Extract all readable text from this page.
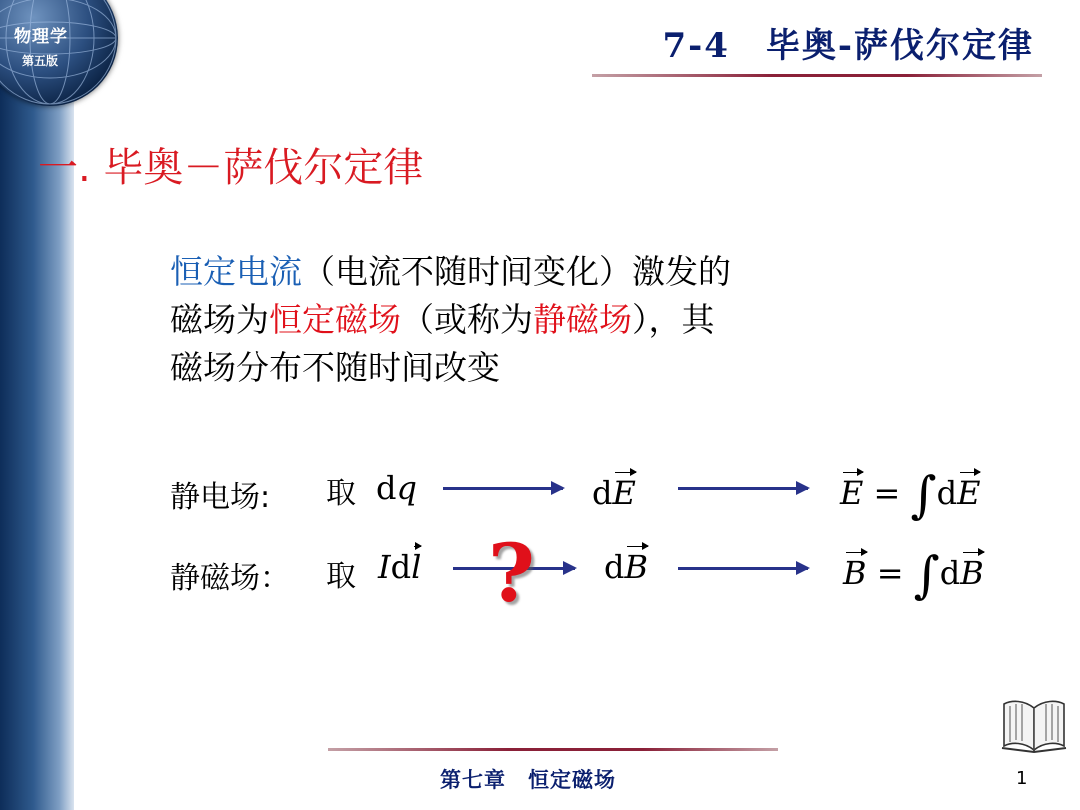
物理学
第五版	7-4　毕奥-萨伐尔定律
一. 毕奥－萨伐尔定律
恒定电流（电流不随时间变化）激发的
磁场为恒定磁场（或称为静磁场），其
磁场分布不随时间改变
静电场: 取 dq	dE	E = ∫dE
静磁场： 取 Idl ? dB	B = ∫dB
第七章　恒定磁场	1
